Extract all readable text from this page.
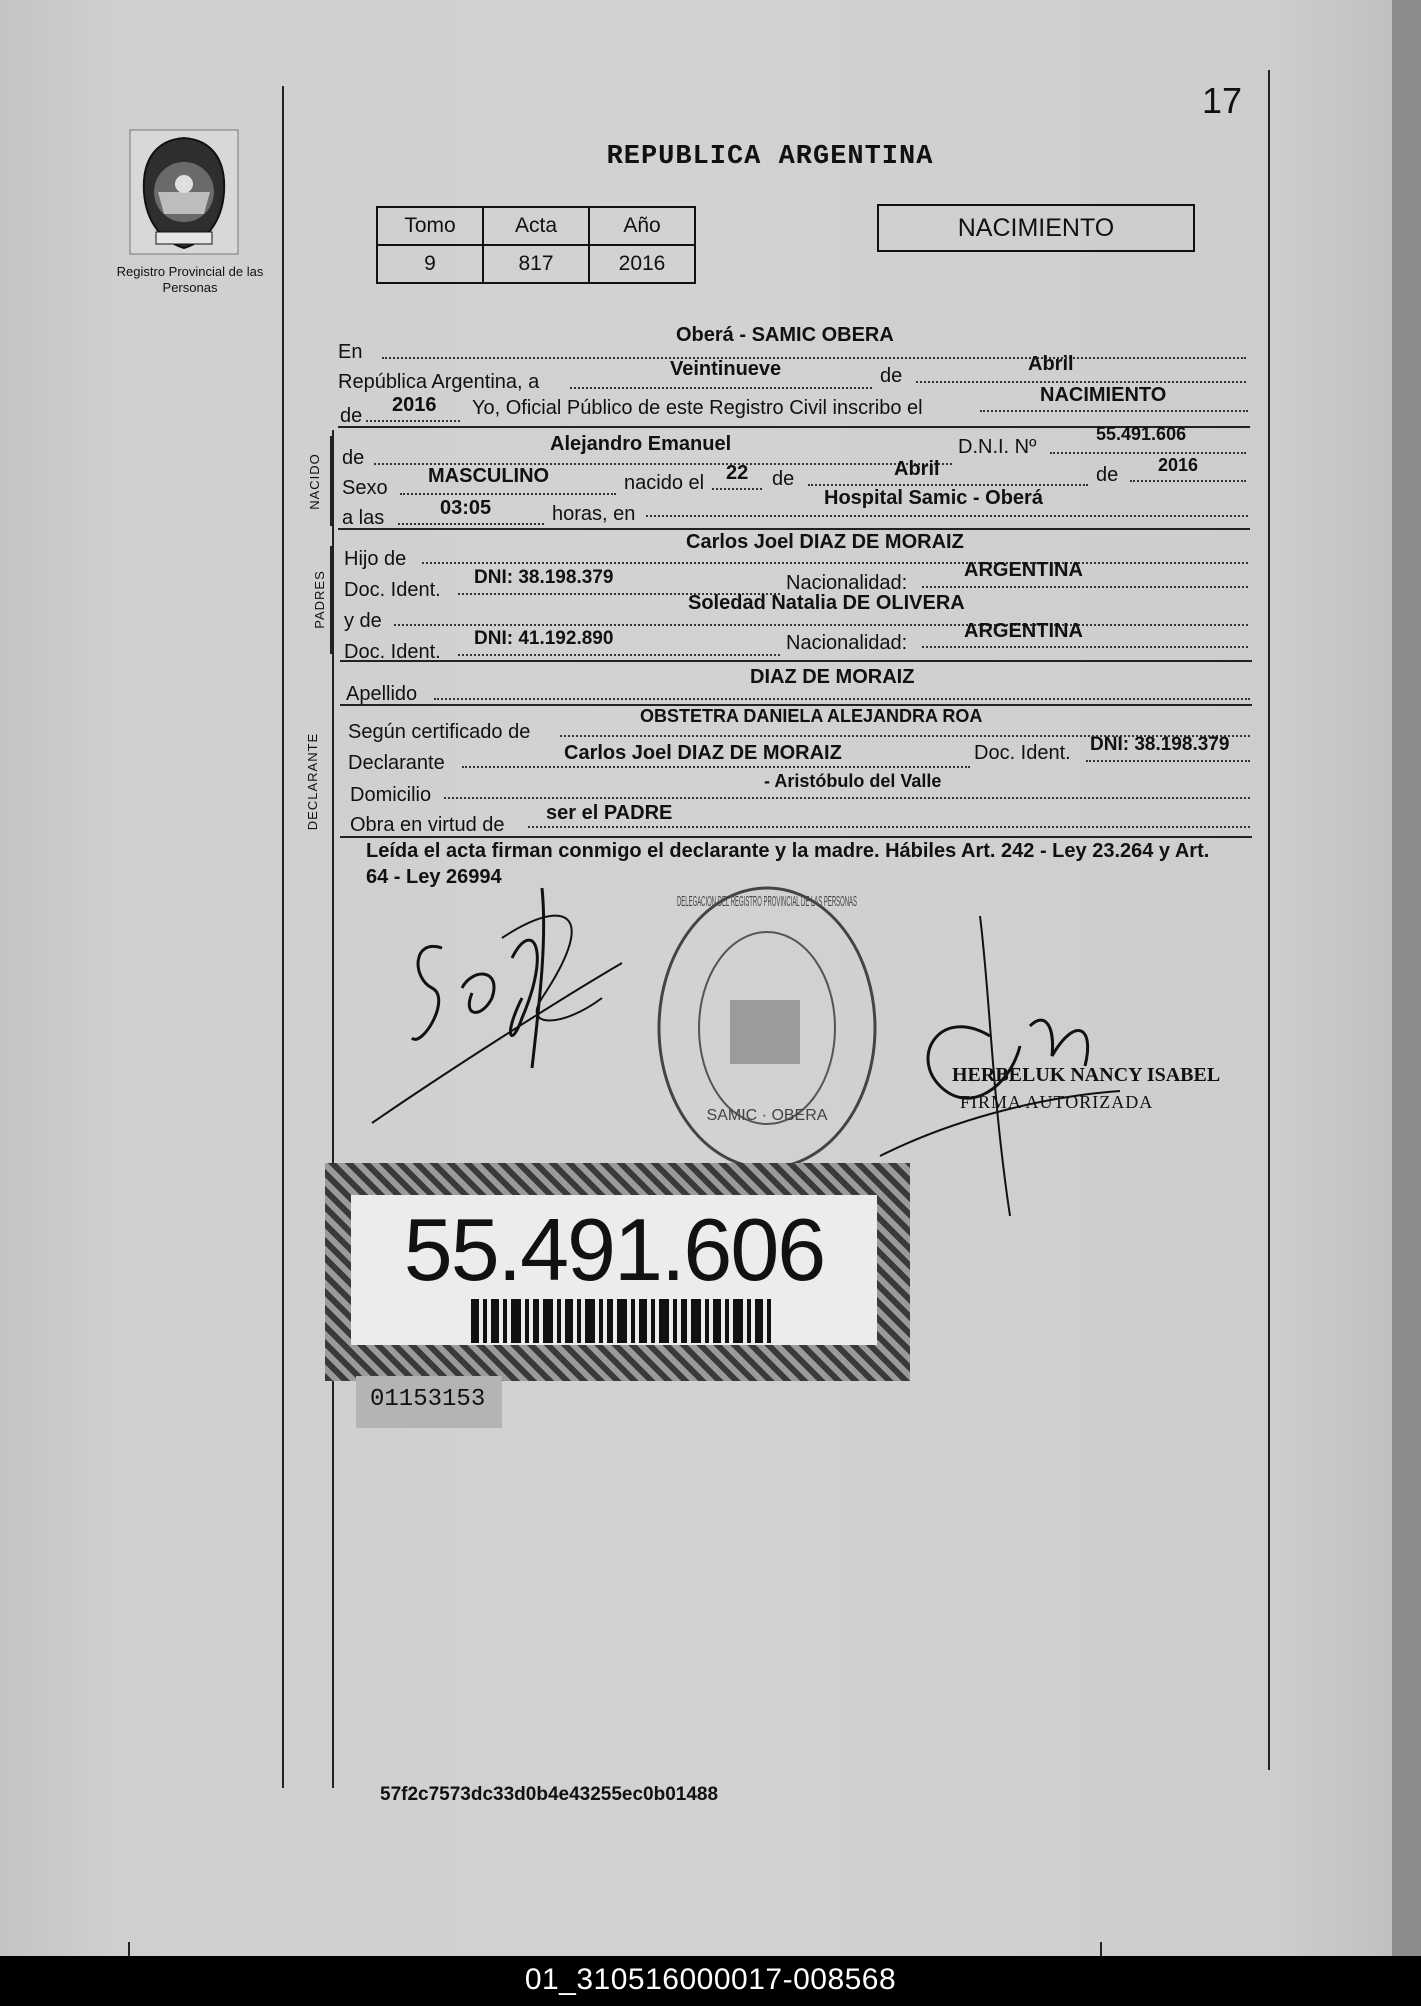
17
Registro Provincial de las Personas
REPUBLICA ARGENTINA
Tomo	Acta	Año
9	817	2016
NACIMIENTO
En
Oberá - SAMIC OBERA
República Argentina, a
Veintinueve	de
Abril
de 2016 Yo, Oficial Público de este Registro Civil inscribo el
NACIMIENTO
NACIDO de
Alejandro Emanuel	D.N.I. Nº
55.491.606
Sexo
MASCULINO	nacido el 22 de	Abril	de 2016
a las	03:05	horas, en
Hospital Samic - Oberá
PADRES
Hijo de
Carlos Joel DIAZ DE MORAIZ
Doc. Ident.
DNI: 38.198.379	Nacionalidad:
ARGENTINA
y de
Soledad Natalia DE OLIVERA
Doc. Ident.
DNI: 41.192.890	Nacionalidad:
ARGENTINA
Apellido
DIAZ DE MORAIZ
DECLARANTE
Según certificado de
OBSTETRA DANIELA ALEJANDRA ROA
Declarante	Carlos Joel DIAZ DE MORAIZ	Doc. Ident. DNI: 38.198.379
Domicilio
- Aristóbulo del Valle
Obra en virtud de
ser el PADRE
Leída el acta firman conmigo el declarante y la madre. Hábiles Art. 242 - Ley 23.264 y Art. 64 - Ley 26994
DELEGACION DEL REGISTRO PROVINCIAL DE LAS PERSONAS
SAMIC · OBERA
HERBELUK NANCY ISABEL
FIRMA AUTORIZADA
55.491.606
01153153
57f2c7573dc33d0b4e43255ec0b01488
01_310516000017-008568
